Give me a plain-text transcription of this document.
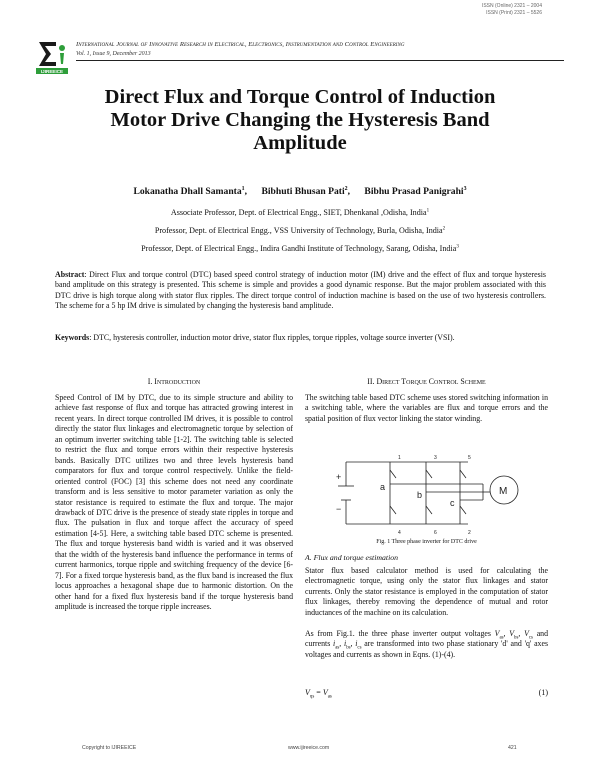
ISSN (Online) 2321 – 2004
ISSN (Print) 2321 – 5526
IJIREEICE
International Journal of Innovative Research in Electrical, Electronics, Instrumentation and Control Engineering
Vol. 1, Issue 9, December 2013
Direct Flux and Torque Control of Induction
Motor Drive Changing the Hysteresis Band
Amplitude
Lokanatha Dhall Samanta$^1$, Bibhuti Bhusan Pati$^2$, Bibhu Prasad Panigrahi$^3$
Associate Professor, Dept. of Electrical Engg., SIET, Dhenkanal ,Odisha, India$^1$
Professor, Dept. of Electrical Engg., VSS University of Technology, Burla, Odisha, India$^2$
Professor, Dept. of Electrical Engg., Indira Gandhi Institute of Technology, Sarang, Odisha, India$^3$
Abstract: Direct Flux and torque control (DTC) based speed control strategy of induction motor (IM) drive and the effect of flux and torque hysteresis band amplitude on this strategy is presented. This scheme is simple and provides a good dynamic response. But the major problem associated with this DTC drive is high torque along with stator flux ripples. The direct torque control of induction machine is based on the use of two hysteresis controllers. The scheme for a 5 hp IM drive is simulated by changing the hysteresis band amplitude.
Keywords: DTC, hysteresis controller, induction motor drive, stator flux ripples, torque ripples, voltage source inverter (VSI).
I. Introduction
Speed Control of IM by DTC, due to its simple structure and ability to achieve fast response of flux and torque has attracted growing interest in recent years. In direct torque controlled IM drives, it is possible to control directly the stator flux linkages and electromagnetic torque by selection of an optimum inverter switching table [1-2]. The switching table is selected to restrict the flux and torque errors within their respective hysteresis bands. Basically DTC utilizes two and three levels hysteresis band comparators for flux and torque control respectively. Unlike the field-oriented control (FOC) [3] this scheme does not need any coordinate transform and is less sensitive to motor parameter variation as only the stator resistance is required to estimate the flux and torque. The major drawback of DTC drive is the presence of steady state ripples in torque and flux. The pulsation in flux and torque affect the accuracy of speed estimation [4-5]. Here, a switching table based DTC scheme is presented. The flux and torque hysteresis band width is varied and it was observed that the width of the hysteresis band influence the performance in terms of current harmonics, torque ripple and switching frequency of the device [6-7]. For a fixed torque hysteresis band, as the flux band is increased the flux locus approaches a hexagonal shape due to harmonic distortion. On the other hand for a fixed flux hysteresis band if the torque hysteresis band amplitude is increased the torque ripple increases.
II. Direct Torque Control Scheme
The switching table based DTC scheme uses stored switching information in a switching table, where the variables are flux and torque errors and the spatial position of flux vector linking the stator winding.
+
−
1	3	5
4	6	2
a
b
c
M
Fig. 1 Three phase inverter for DTC drive
A. Flux and torque estimation
Stator flux based calculator method is used for calculating the electromagnetic torque, using only the stator flux linkages and stator currents. Only the stator resistance is employed in the computation of stator flux linkages, thereby removing the dependence of mutual and rotor inductances of the machine on its calculation.
As from Fig.1. the three phase inverter output voltages $V_{as}$, $V_{bs}$, $V_{cs}$ and currents $i_{as}$, $i_{bs}$, $i_{cs}$ are transformed into two phase stationary 'd' and 'q' axes voltages and currents as shown in Eqns. (1)-(4).
$V_{qs} = V_{as}$
(1)
Copyright to IJIREEICE	www.ijireeice.com	421
